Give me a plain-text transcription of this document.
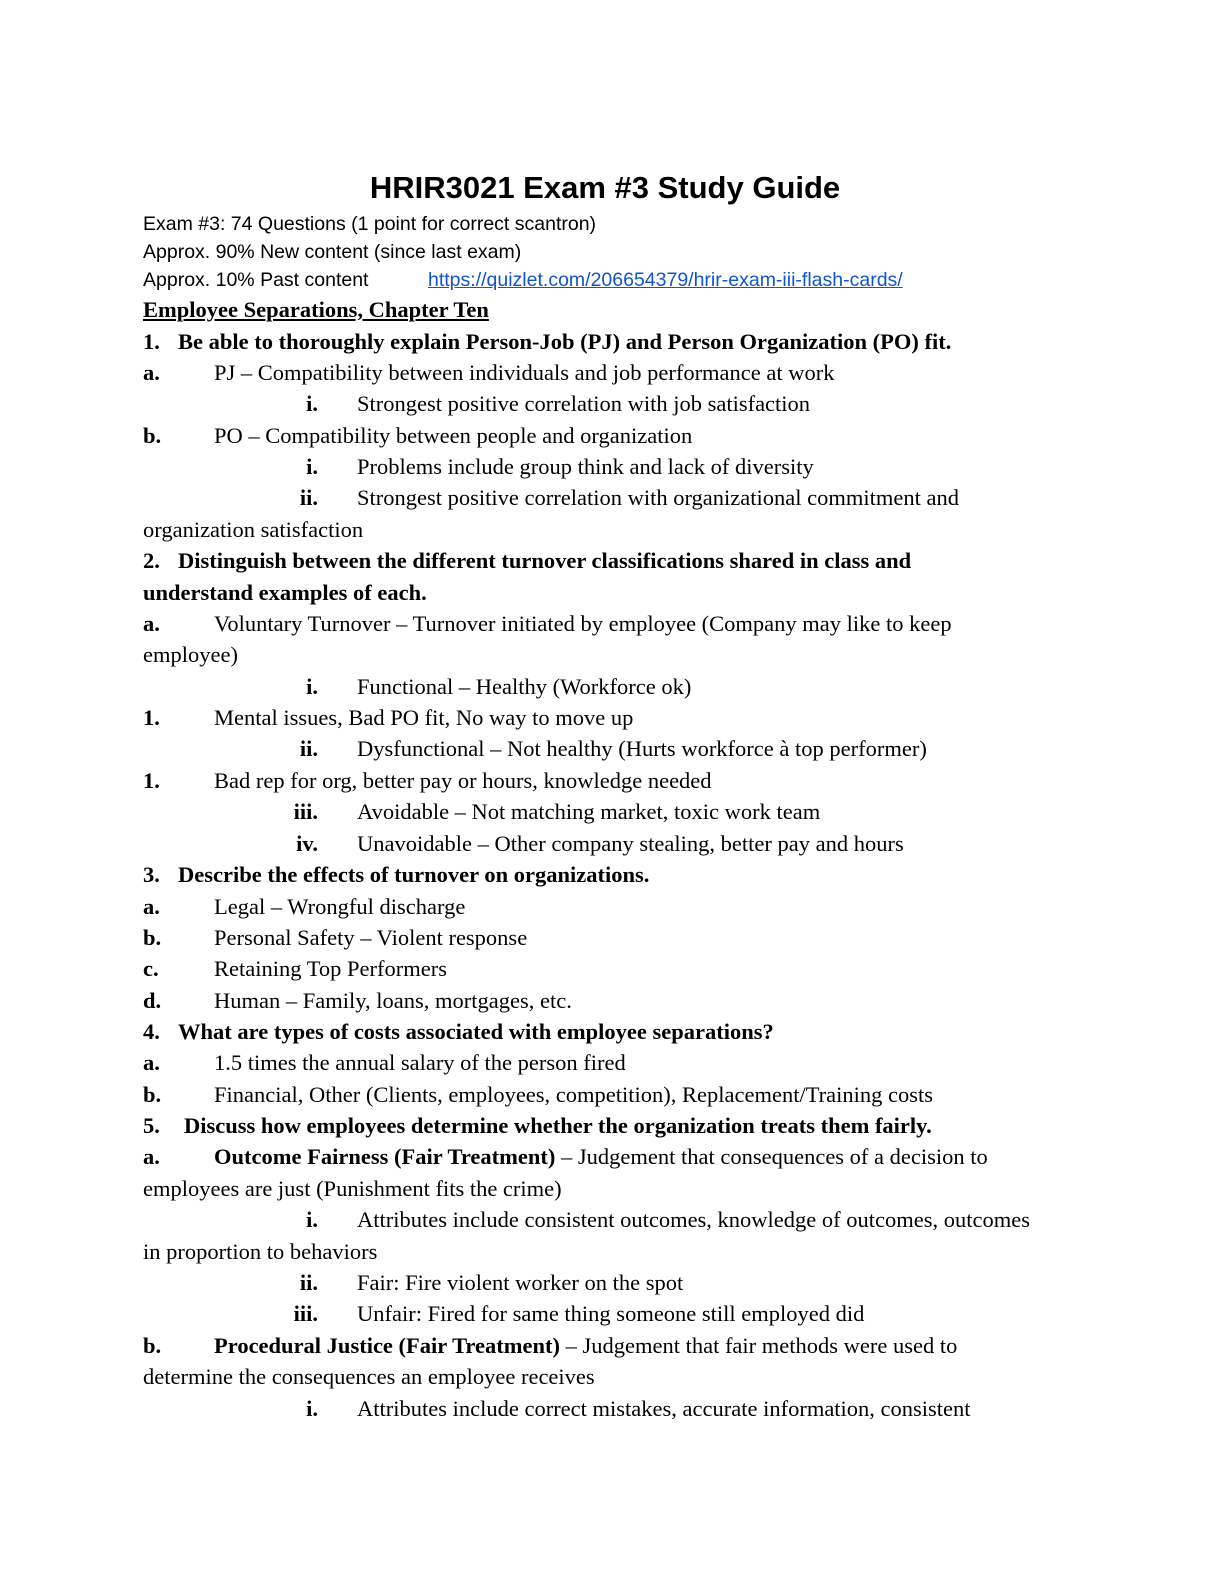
HRIR3021 Exam #3 Study Guide
Exam #3: 74 Questions (1 point for correct scantron)
Approx. 90% New content (since last exam)
Approx. 10% Past content	https://quizlet.com/206654379/hrir-exam-iii-flash-cards/
Employee Separations, Chapter Ten
1. Be able to thoroughly explain Person-Job (PJ) and Person Organization (PO) fit.
a. PJ – Compatibility between individuals and job performance at work
i. Strongest positive correlation with job satisfaction
b. PO – Compatibility between people and organization
i. Problems include group think and lack of diversity
ii. Strongest positive correlation with organizational commitment and
organization satisfaction
2. Distinguish between the different turnover classifications shared in class and
understand examples of each.
a. Voluntary Turnover – Turnover initiated by employee (Company may like to keep
employee)
i. Functional – Healthy (Workforce ok)
1. Mental issues, Bad PO fit, No way to move up
ii. Dysfunctional – Not healthy (Hurts workforce à top performer)
1. Bad rep for org, better pay or hours, knowledge needed
iii. Avoidable – Not matching market, toxic work team
iv. Unavoidable – Other company stealing, better pay and hours
3. Describe the effects of turnover on organizations.
a. Legal – Wrongful discharge
b. Personal Safety – Violent response
c. Retaining Top Performers
d. Human – Family, loans, mortgages, etc.
4. What are types of costs associated with employee separations?
a. 1.5 times the annual salary of the person fired
b. Financial, Other (Clients, employees, competition), Replacement/Training costs
5. Discuss how employees determine whether the organization treats them fairly.
a. Outcome Fairness (Fair Treatment) – Judgement that consequences of a decision to
employees are just (Punishment fits the crime)
i. Attributes include consistent outcomes, knowledge of outcomes, outcomes
in proportion to behaviors
ii. Fair: Fire violent worker on the spot
iii. Unfair: Fired for same thing someone still employed did
b. Procedural Justice (Fair Treatment) – Judgement that fair methods were used to
determine the consequences an employee receives
i. Attributes include correct mistakes, accurate information, consistent
